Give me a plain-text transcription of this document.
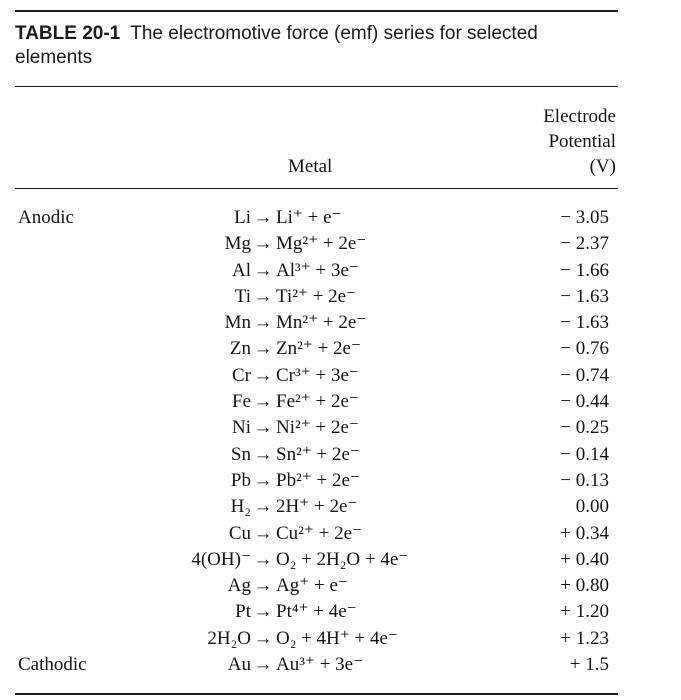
TABLE 20-1 The electromotive force (emf) series for selected elements
Electrode
Potential
(V)
Metal
Anodic	Li → Li⁺ + e⁻	− 3.05
Mg → Mg²⁺ + 2e⁻	− 2.37
Al → Al³⁺ + 3e⁻	− 1.66
Ti → Ti²⁺ + 2e⁻	− 1.63
Mn → Mn²⁺ + 2e⁻	− 1.63
Zn → Zn²⁺ + 2e⁻	− 0.76
Cr → Cr³⁺ + 3e⁻	− 0.74
Fe → Fe²⁺ + 2e⁻	− 0.44
Ni → Ni²⁺ + 2e⁻	− 0.25
Sn → Sn²⁺ + 2e⁻	− 0.14
Pb → Pb²⁺ + 2e⁻	− 0.13
H₂ → 2H⁺ + 2e⁻	0.00
Cu → Cu²⁺ + 2e⁻	+ 0.34
4(OH)⁻ → O₂ + 2H₂O + 4e⁻	+ 0.40
Ag → Ag⁺ + e⁻	+ 0.80
Pt → Pt⁴⁺ + 4e⁻	+ 1.20
2H₂O → O₂ + 4H⁺ + 4e⁻	+ 1.23
Cathodic	Au → Au³⁺ + 3e⁻	+ 1.5
